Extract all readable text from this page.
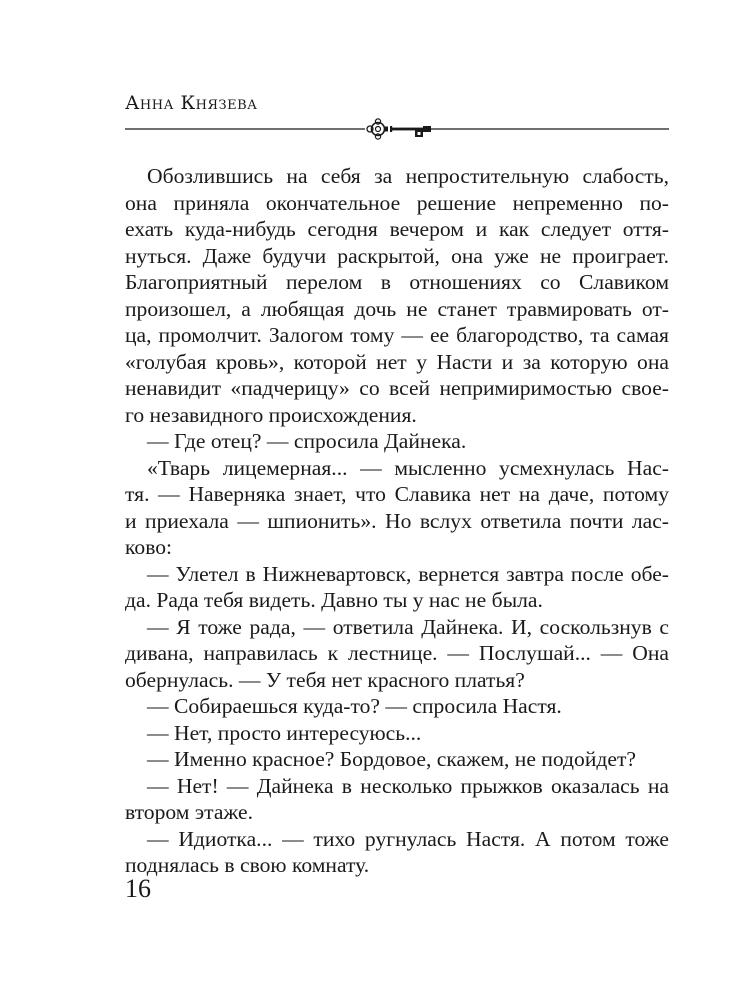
Анна Князева
Обозлившись на себя за непростительную слабость,
она приняла окончательное решение непременно по-
ехать куда-нибудь сегодня вечером и как следует оття-
нуться. Даже будучи раскрытой, она уже не проиграет.
Благоприятный перелом в отношениях со Славиком
произошел, а любящая дочь не станет травмировать от-
ца, промолчит. Залогом тому — ее благородство, та самая
«голубая кровь», которой нет у Насти и за которую она
ненавидит «падчерицу» со всей непримиримостью свое-
го незавидного происхождения.
— Где отец? — спросила Дайнека.
«Тварь лицемерная... — мысленно усмехнулась Нас-
тя. — Наверняка знает, что Славика нет на даче, потому
и приехала — шпионить». Но вслух ответила почти лас-
ково:
— Улетел в Нижневартовск, вернется завтра после обе-
да. Рада тебя видеть. Давно ты у нас не была.
— Я тоже рада, — ответила Дайнека. И, соскользнув с
дивана, направилась к лестнице. — Послушай... — Она
обернулась. — У тебя нет красного платья?
— Собираешься куда-то? — спросила Настя.
— Нет, просто интересуюсь...
— Именно красное? Бордовое, скажем, не подойдет?
— Нет! — Дайнека в несколько прыжков оказалась на
втором этаже.
— Идиотка... — тихо ругнулась Настя. А потом тоже
поднялась в свою комнату.
16
